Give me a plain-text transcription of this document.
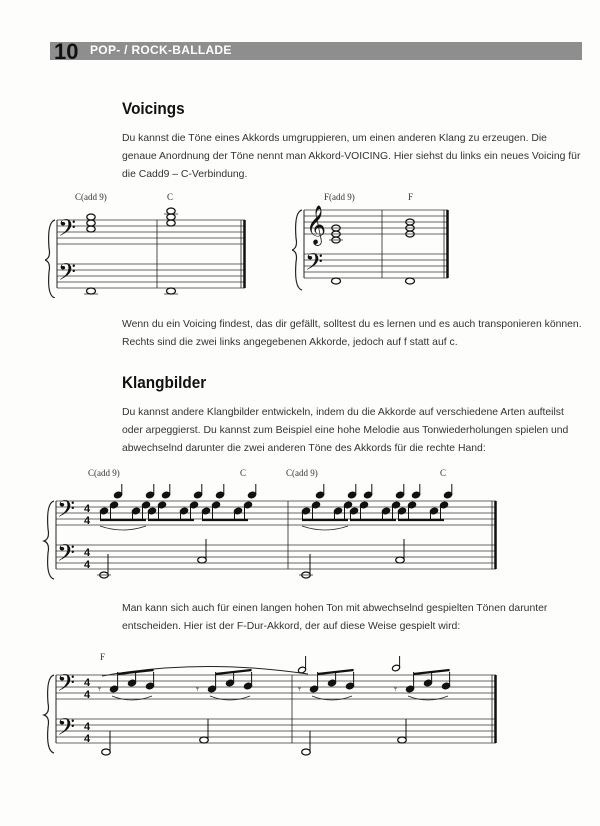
10 POP- / ROCK-BALLADE
Voicings

Du kannst die Töne eines Akkords umgruppieren, um einen anderen Klang zu erzeugen. Die genaue Anordnung der Töne nennt man Akkord-VOICING. Hier siehst du links ein neues Voicing für die Cadd9 – C-Verbindung.

C(add 9)	C
𝄢
𝄢
F(add 9)	F
𝄞
𝄢

Wenn du ein Voicing findest, das dir gefällt, solltest du es lernen und es auch transponieren können. Rechts sind die zwei links angegebenen Akkorde, jedoch auf f statt auf c.

Klangbilder

Du kannst andere Klangbilder entwickeln, indem du die Akkorde auf verschiedene Arten aufteilst oder arpeggierst. Du kannst zum Beispiel eine hohe Melodie aus Tonwiederholungen spielen und abwechselnd darunter die zwei anderen Töne des Akkords für die rechte Hand:

C(add 9)	C	C(add 9)	C
𝄢
𝄢
4
4
4
4

Man kann sich auch für einen langen hohen Ton mit abwechselnd gespielten Tönen darunter entscheiden. Hier ist der F-Dur-Akkord, der auf diese Weise gespielt wird:

F
𝄢
𝄢
4
4
4
4
𝄾	𝄾	𝄾	𝄾
